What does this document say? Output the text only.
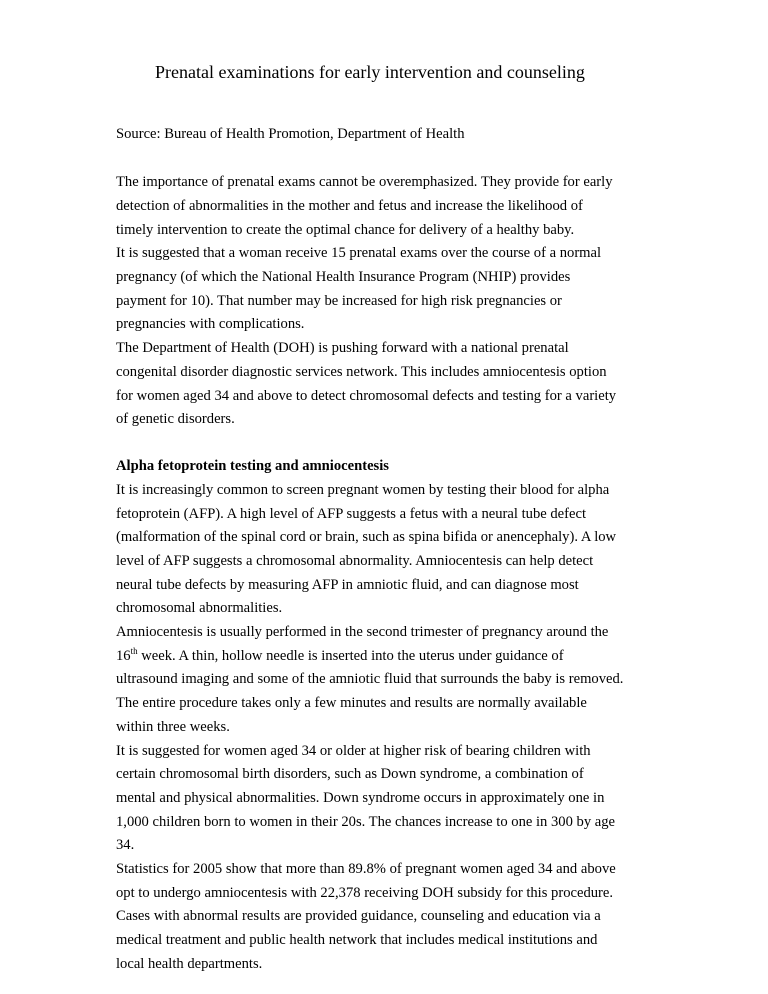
Prenatal examinations for early intervention and counseling

Source: Bureau of Health Promotion, Department of Health

The importance of prenatal exams cannot be overemphasized. They provide for early

detection of abnormalities in the mother and fetus and increase the likelihood of

timely intervention to create the optimal chance for delivery of a healthy baby.

It is suggested that a woman receive 15 prenatal exams over the course of a normal

pregnancy (of which the National Health Insurance Program (NHIP) provides

payment for 10). That number may be increased for high risk pregnancies or

pregnancies with complications.

The Department of Health (DOH) is pushing forward with a national prenatal

congenital disorder diagnostic services network. This includes amniocentesis option

for women aged 34 and above to detect chromosomal defects and testing for a variety

of genetic disorders.

Alpha fetoprotein testing and amniocentesis

It is increasingly common to screen pregnant women by testing their blood for alpha

fetoprotein (AFP). A high level of AFP suggests a fetus with a neural tube defect

(malformation of the spinal cord or brain, such as spina bifida or anencephaly). A low

level of AFP suggests a chromosomal abnormality. Amniocentesis can help detect

neural tube defects by measuring AFP in amniotic fluid, and can diagnose most

chromosomal abnormalities.

Amniocentesis is usually performed in the second trimester of pregnancy around the

16th week. A thin, hollow needle is inserted into the uterus under guidance of

ultrasound imaging and some of the amniotic fluid that surrounds the baby is removed.

The entire procedure takes only a few minutes and results are normally available

within three weeks.

It is suggested for women aged 34 or older at higher risk of bearing children with

certain chromosomal birth disorders, such as Down syndrome, a combination of

mental and physical abnormalities. Down syndrome occurs in approximately one in

1,000 children born to women in their 20s. The chances increase to one in 300 by age

34.

Statistics for 2005 show that more than 89.8% of pregnant women aged 34 and above

opt to undergo amniocentesis with 22,378 receiving DOH subsidy for this procedure.

Cases with abnormal results are provided guidance, counseling and education via a

medical treatment and public health network that includes medical institutions and

local health departments.
